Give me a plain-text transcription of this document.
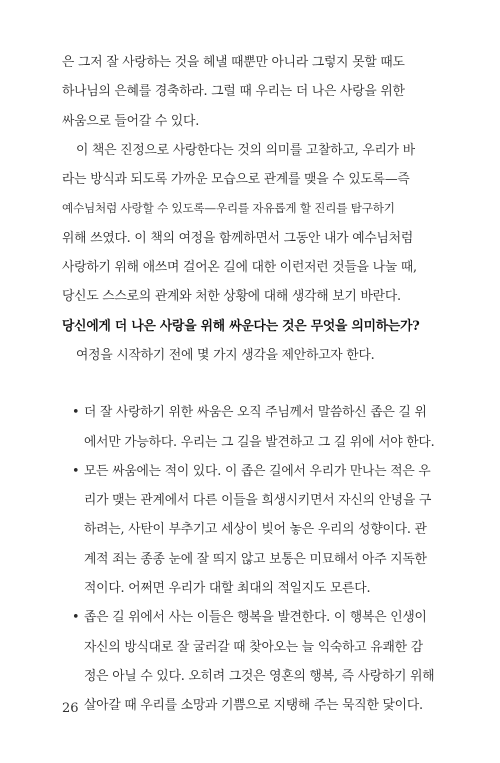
은 그저 잘 사랑하는 것을 헤낼 때뿐만 아니라 그렇지 못할 때도
하나님의 은혜를 경축하라. 그럴 때 우리는 더 나은 사랑을 위한
싸움으로 들어갈 수 있다.
이 책은 진정으로 사랑한다는 것의 의미를 고찰하고, 우리가 바
라는 방식과 되도록 가까운 모습으로 관계를 맺을 수 있도록—즉
예수님처럼 사랑할 수 있도록—우리를 자유롭게 할 진리를 탐구하기
위해 쓰였다. 이 책의 여정을 함께하면서 그동안 내가 예수님처럼
사랑하기 위해 애쓰며 걸어온 길에 대한 이런저런 것들을 나눌 때,
당신도 스스로의 관계와 처한 상황에 대해 생각해 보기 바란다.
당신에게 더 나은 사랑을 위해 싸운다는 것은 무엇을 의미하는가?
여정을 시작하기 전에 몇 가지 생각을 제안하고자 한다.
• 더 잘 사랑하기 위한 싸움은 오직 주님께서 말씀하신 좁은 길 위
에서만 가능하다. 우리는 그 길을 발견하고 그 길 위에 서야 한다.
• 모든 싸움에는 적이 있다. 이 좁은 길에서 우리가 만나는 적은 우
리가 맺는 관계에서 다른 이들을 희생시키면서 자신의 안녕을 구
하려는, 사탄이 부추기고 세상이 빚어 놓은 우리의 성향이다. 관
계적 죄는 종종 눈에 잘 띄지 않고 보통은 미묘해서 아주 지독한
적이다. 어쩌면 우리가 대할 최대의 적일지도 모른다.
• 좁은 길 위에서 사는 이들은 행복을 발견한다. 이 행복은 인생이
자신의 방식대로 잘 굴러갈 때 찾아오는 늘 익숙하고 유쾌한 감
정은 아닐 수 있다. 오히려 그것은 영혼의 행복, 즉 사랑하기 위해
살아갈 때 우리를 소망과 기쁨으로 지탱해 주는 묵직한 닻이다.
26
